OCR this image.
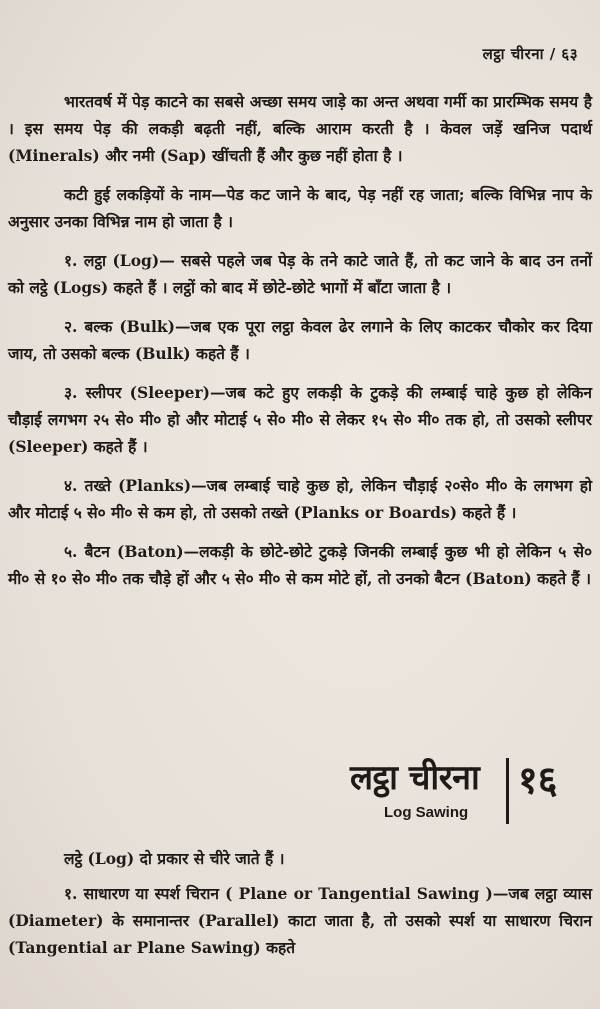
लट्ठा चीरना / ६३

भारतवर्ष में पेड़ काटने का सबसे अच्छा समय जाड़े का अन्त अथवा गर्मी का प्रारम्भिक समय है । इस समय पेड़ की लकड़ी बढ़ती नहीं, बल्कि आराम करती है । केवल जड़ें खनिज पदार्थ (Minerals) और नमी (Sap) खींचती हैं और कुछ नहीं होता है ।

कटी हुई लकड़ियों के नाम—पेड कट जाने के बाद, पेड़ नहीं रह जाता; बल्कि विभिन्न नाप के अनुसार उनका विभिन्न नाम हो जाता है ।

१. लट्ठा (Log)— सबसे पहले जब पेड़ के तने काटे जाते हैं, तो कट जाने के बाद उन तनों को लट्ठे (Logs) कहते हैं । लट्ठों को बाद में छोटे-छोटे भागों में बाँटा जाता है ।

२. बल्क (Bulk)—जब एक पूरा लट्ठा केवल ढेर लगाने के लिए काटकर चौकोर कर दिया जाय, तो उसको बल्क (Bulk) कहते हैं ।

३. स्लीपर (Sleeper)—जब कटे हुए लकड़ी के टुकड़े की लम्बाई चाहे कुछ हो लेकिन चौड़ाई लगभग २५ से० मी० हो और मोटाई ५ से० मी० से लेकर १५ से० मी० तक हो, तो उसको स्लीपर (Sleeper) कहते हैं ।

४. तख्ते (Planks)—जब लम्बाई चाहे कुछ हो, लेकिन चौड़ाई २०से० मी० के लगभग हो और मोटाई ५ से० मी० से कम हो, तो उसको तख्ते (Planks or Boards) कहते हैं ।

५. बैटन (Baton)—लकड़ी के छोटे-छोटे टुकड़े जिनकी लम्बाई कुछ भी हो लेकिन ५ से० मी० से १० से० मी० तक चौड़े हों और ५ से० मी० से कम मोटे हों, तो उनको बैटन (Baton) कहते हैं ।

लट्ठा चीरना
Log Sawing
१६

लट्ठे (Log) दो प्रकार से चीरे जाते हैं ।

१. साधारण या स्पर्श चिरान ( Plane or Tangential Sawing )—जब लट्ठा व्यास (Diameter) के समानान्तर (Parallel) काटा जाता है, तो उसको स्पर्श या साधारण चिरान (Tangential ar Plane Sawing) कहते
